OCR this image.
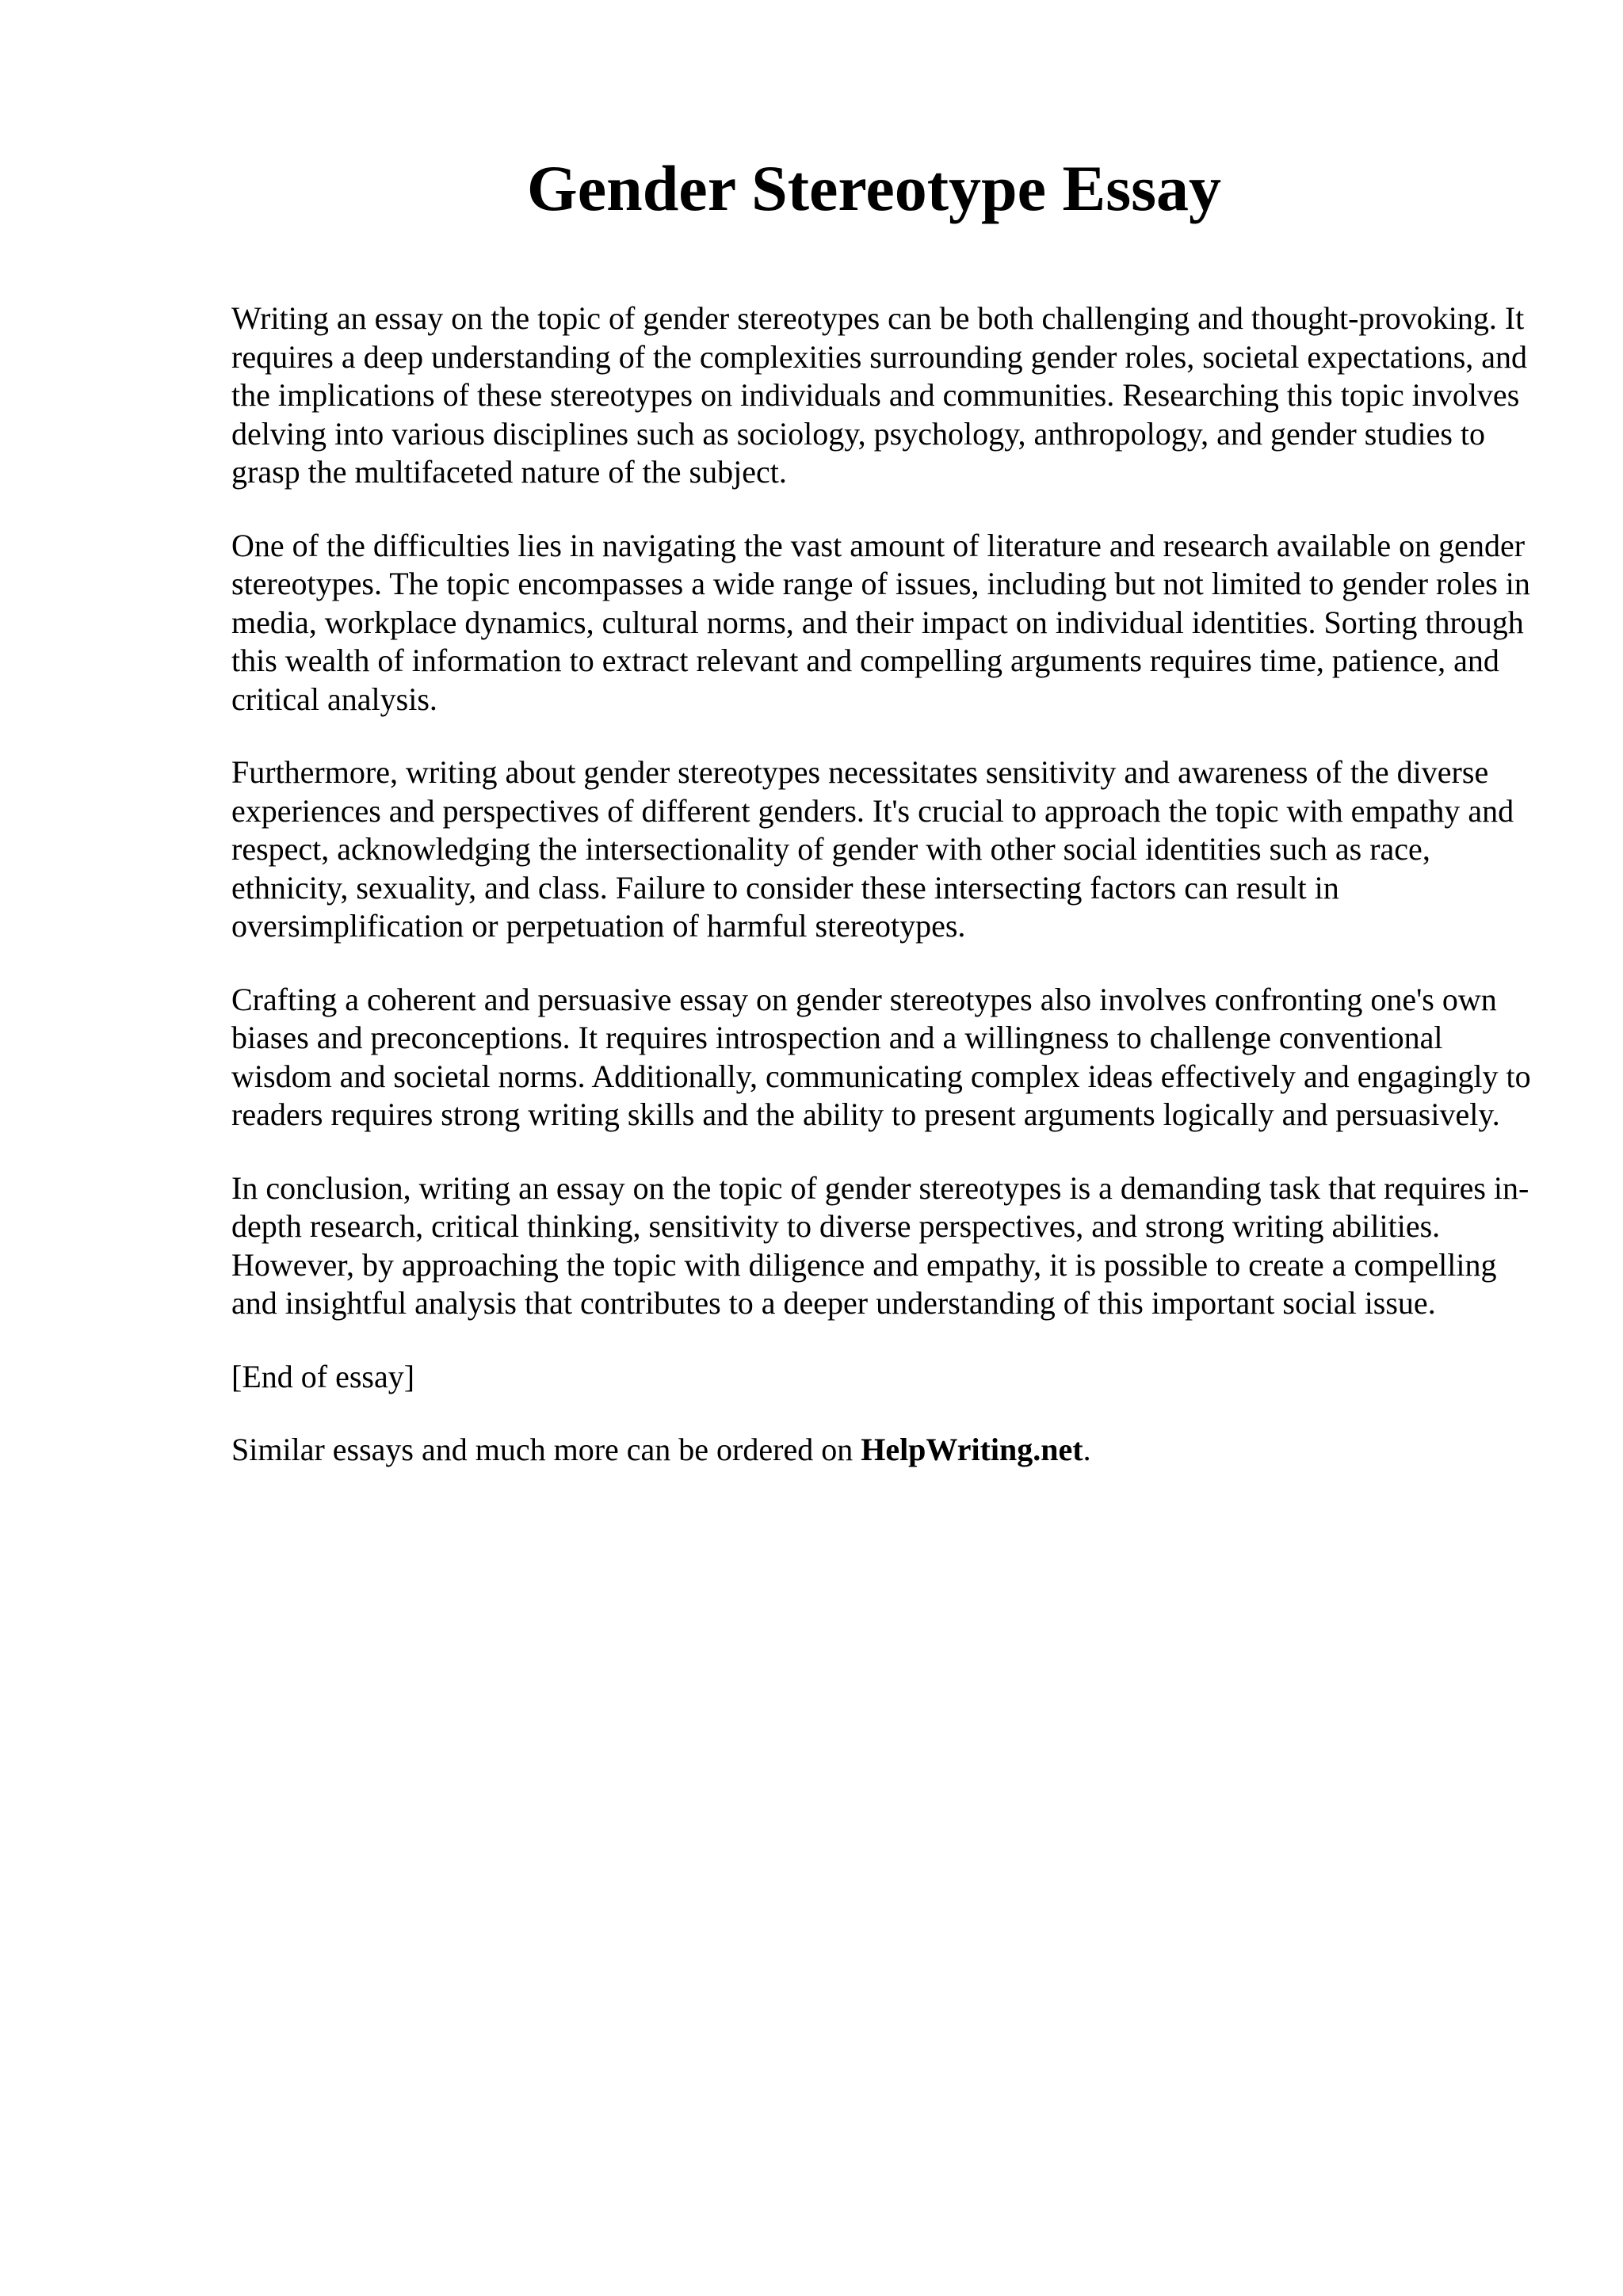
Gender Stereotype Essay

Writing an essay on the topic of gender stereotypes can be both challenging and thought-provoking. It requires a deep understanding of the complexities surrounding gender roles, societal expectations, and the implications of these stereotypes on individuals and communities. Researching this topic involves delving into various disciplines such as sociology, psychology, anthropology, and gender studies to grasp the multifaceted nature of the subject.

One of the difficulties lies in navigating the vast amount of literature and research available on gender stereotypes. The topic encompasses a wide range of issues, including but not limited to gender roles in media, workplace dynamics, cultural norms, and their impact on individual identities. Sorting through this wealth of information to extract relevant and compelling arguments requires time, patience, and critical analysis.

Furthermore, writing about gender stereotypes necessitates sensitivity and awareness of the diverse experiences and perspectives of different genders. It's crucial to approach the topic with empathy and respect, acknowledging the intersectionality of gender with other social identities such as race, ethnicity, sexuality, and class. Failure to consider these intersecting factors can result in oversimplification or perpetuation of harmful stereotypes.

Crafting a coherent and persuasive essay on gender stereotypes also involves confronting one's own biases and preconceptions. It requires introspection and a willingness to challenge conventional wisdom and societal norms. Additionally, communicating complex ideas effectively and engagingly to readers requires strong writing skills and the ability to present arguments logically and persuasively.

In conclusion, writing an essay on the topic of gender stereotypes is a demanding task that requires in-depth research, critical thinking, sensitivity to diverse perspectives, and strong writing abilities. However, by approaching the topic with diligence and empathy, it is possible to create a compelling and insightful analysis that contributes to a deeper understanding of this important social issue.

[End of essay]

Similar essays and much more can be ordered on HelpWriting.net.
